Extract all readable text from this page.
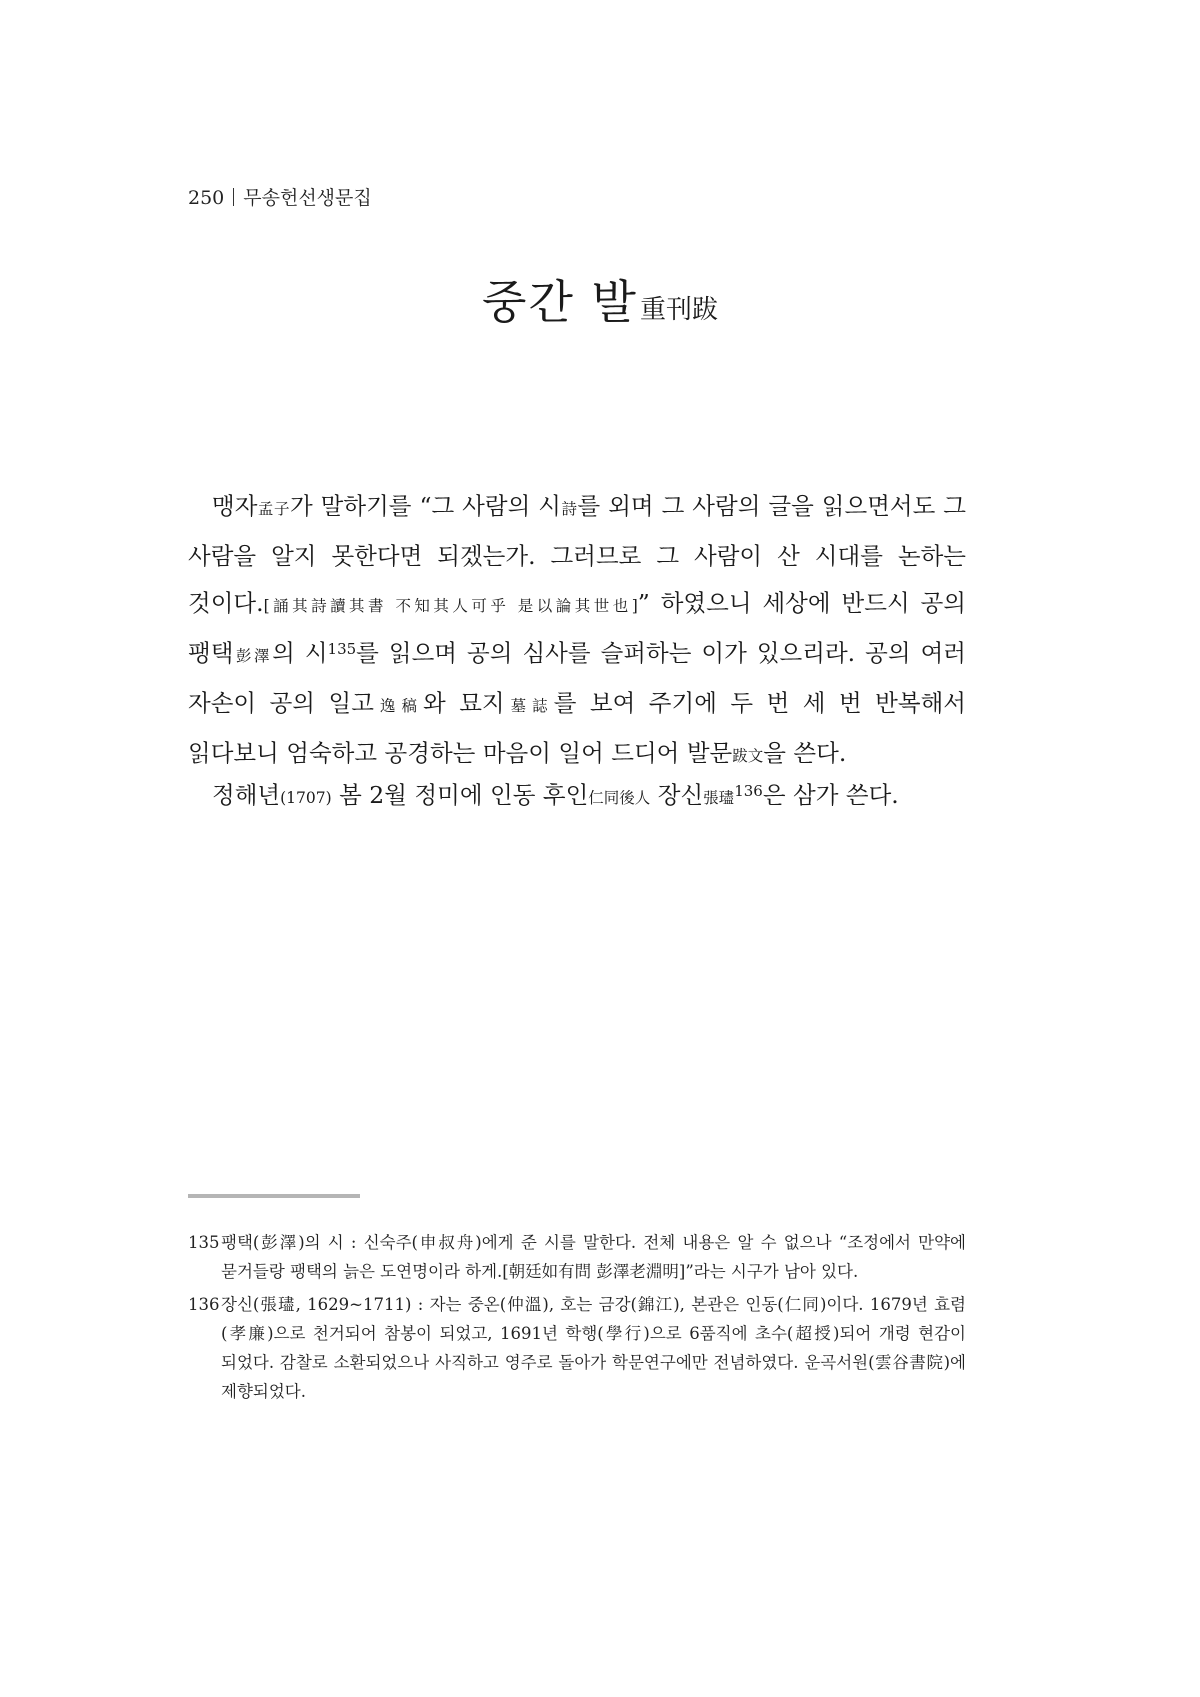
250 무송헌선생문집
중간 발重刊跋

맹자孟子가 말하기를 “그 사람의 시詩를 외며 그 사람의 글을 읽으면서도 그 사람을 알지 못한다면 되겠는가. 그러므로 그 사람이 산 시대를 논하는 것이다.[誦其詩讀其書 不知其人可乎 是以論其世也]” 하였으니 세상에 반드시 공의 팽택彭澤의 시$^{135}$를 읽으며 공의 심사를 슬퍼하는 이가 있으리라. 공의 여러 자손이 공의 일고逸稿와 묘지墓誌를 보여 주기에 두 번 세 번 반복해서 읽다보니 엄숙하고 공경하는 마음이 일어 드디어 발문跋文을 쓴다.

정해년(1707) 봄 2월 정미에 인동 후인仁同後人 장신張璶$^{136}$은 삼가 쓴다.

135 팽택(彭澤)의 시 : 신숙주(申叔舟)에게 준 시를 말한다. 전체 내용은 알 수 없으나 “조정에서 만약에 묻거들랑 팽택의 늙은 도연명이라 하게.[朝廷如有問 彭澤老淵明]”라는 시구가 남아 있다.
136 장신(張璶, 1629~1711) : 자는 중온(仲溫), 호는 금강(錦江), 본관은 인동(仁同)이다. 1679년 효렴(孝廉)으로 천거되어 참봉이 되었고, 1691년 학행(學行)으로 6품직에 초수(超授)되어 개령 현감이 되었다. 감찰로 소환되었으나 사직하고 영주로 돌아가 학문연구에만 전념하였다. 운곡서원(雲谷書院)에 제향되었다.
